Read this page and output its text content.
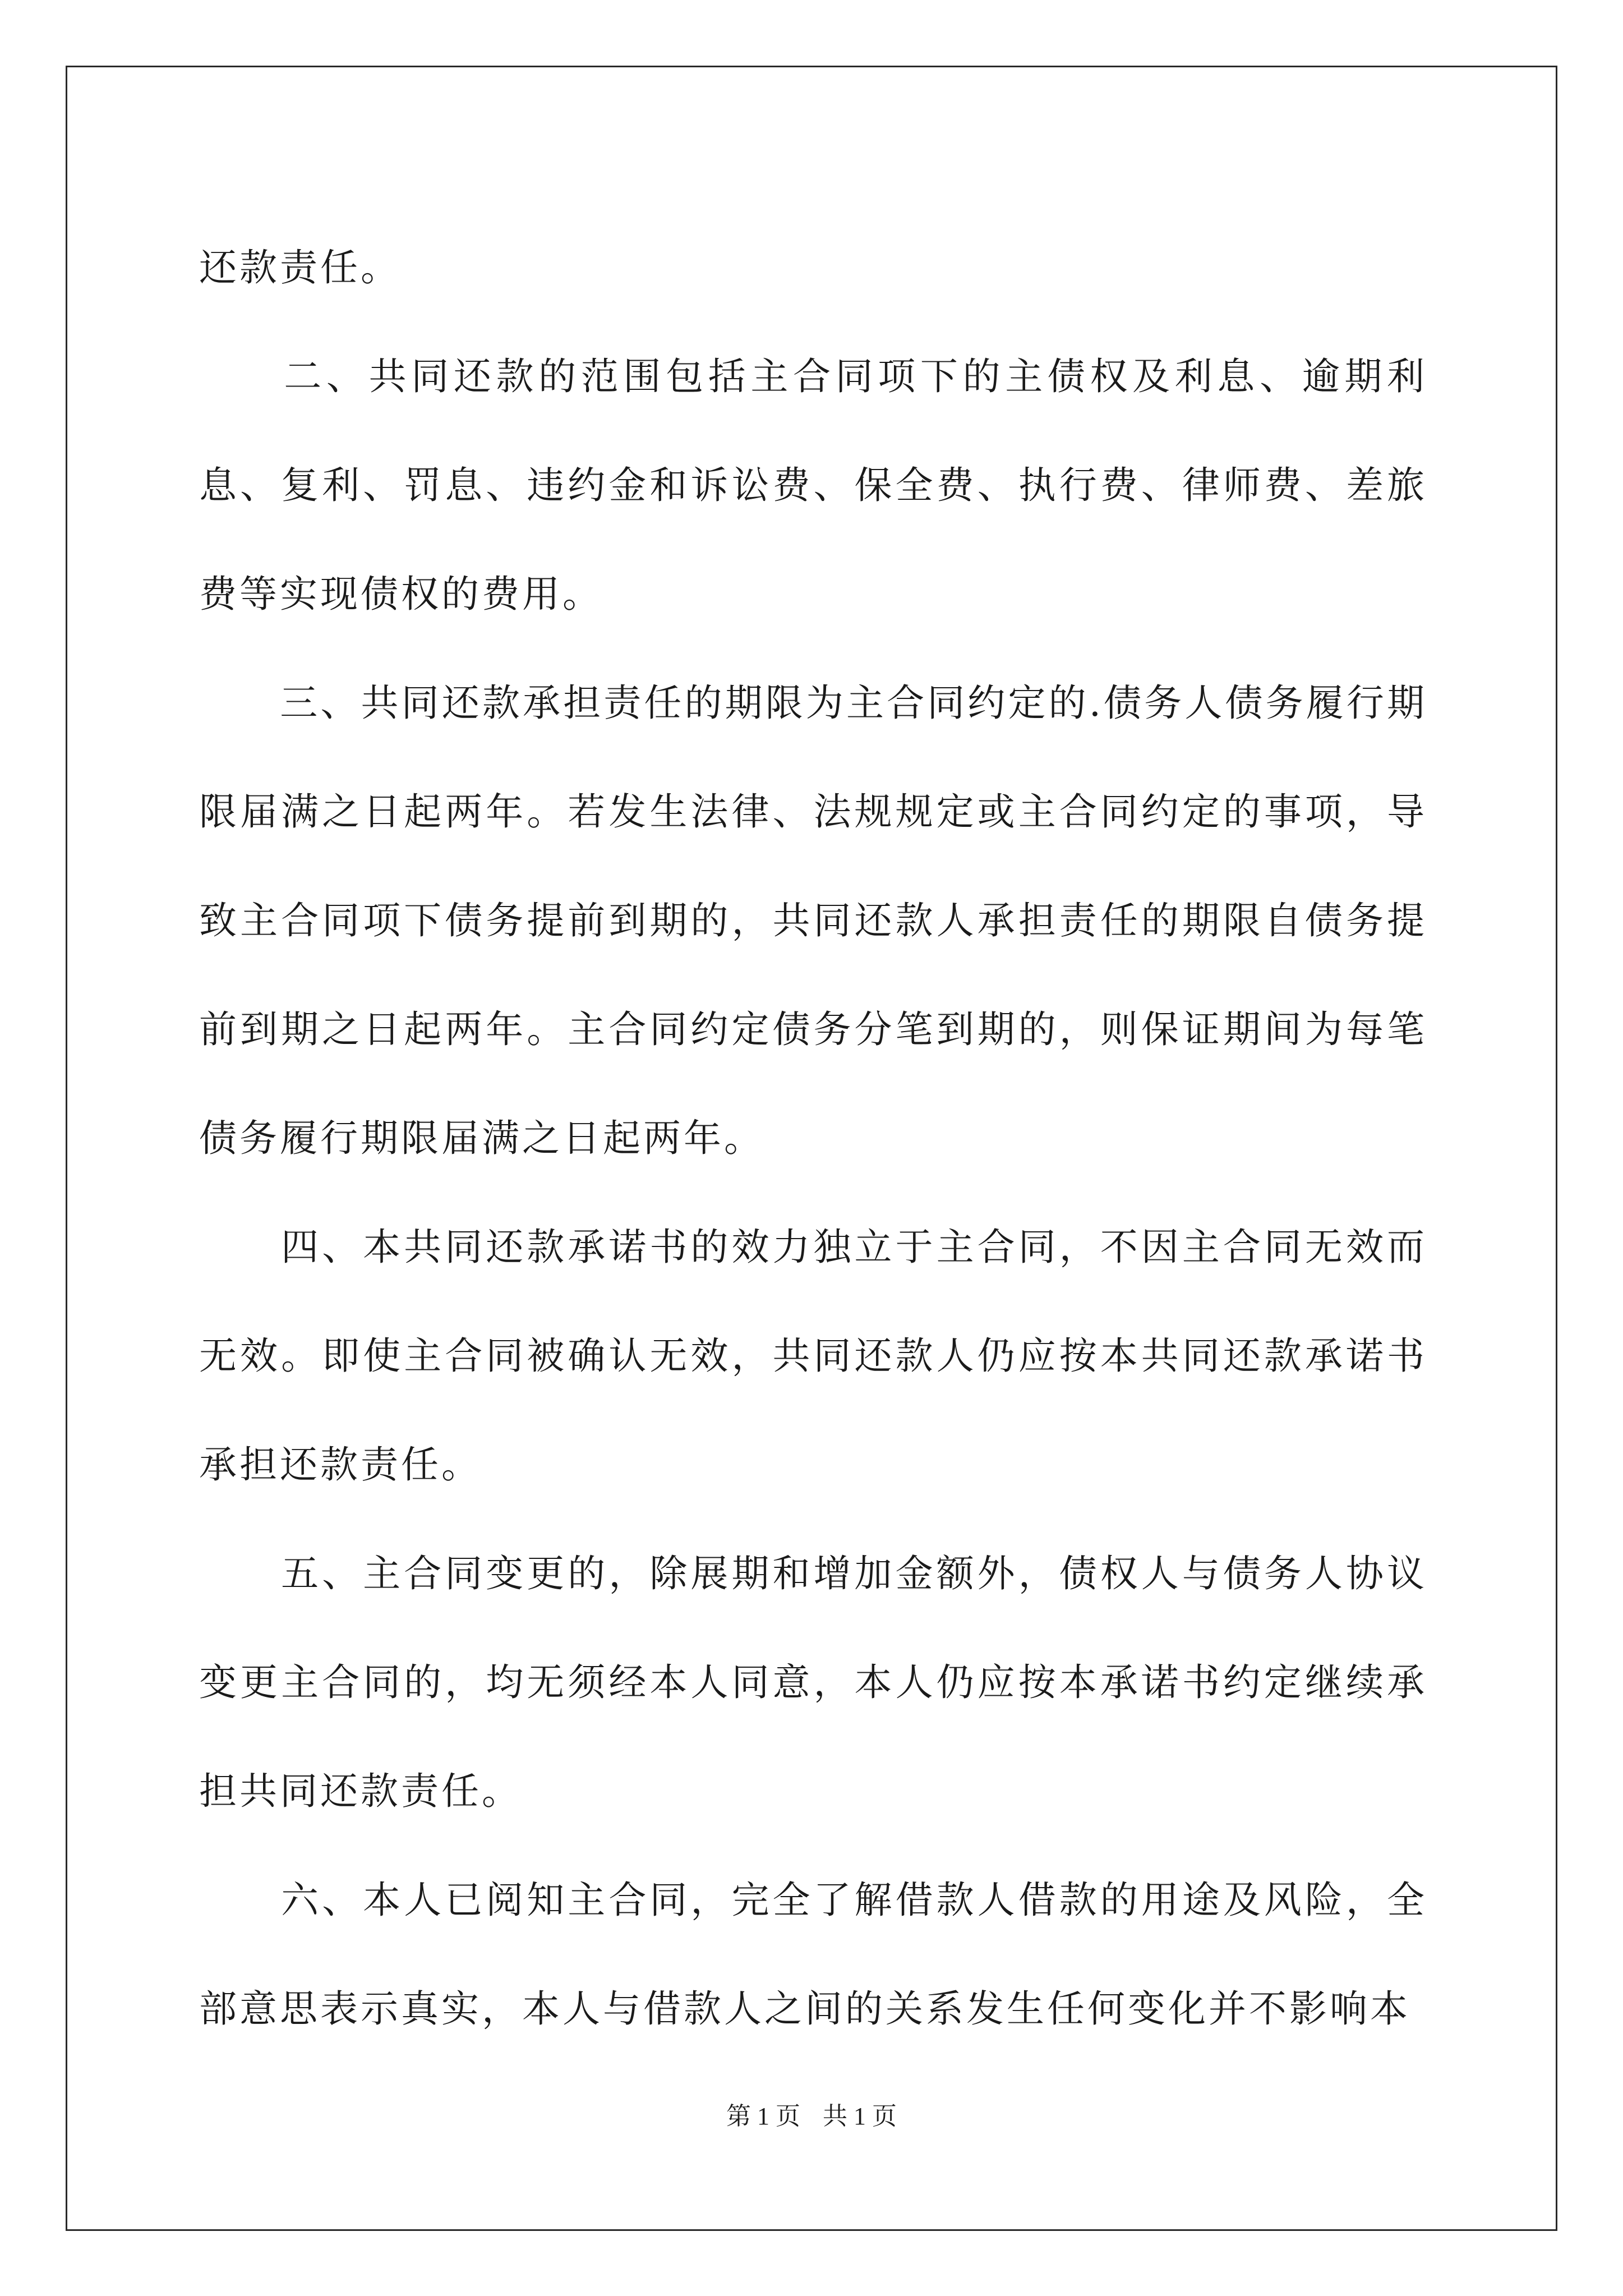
还款责任。

　　二、共同还款的范围包括主合同项下的主债权及利息、逾期利息、复利、罚息、违约金和诉讼费、保全费、执行费、律师费、差旅费等实现债权的费用。

　　三、共同还款承担责任的期限为主合同约定的.债务人债务履行期限届满之日起两年。若发生法律、法规规定或主合同约定的事项，导致主合同项下债务提前到期的，共同还款人承担责任的期限自债务提前到期之日起两年。主合同约定债务分笔到期的，则保证期间为每笔债务履行期限届满之日起两年。

　　四、本共同还款承诺书的效力独立于主合同，不因主合同无效而无效。即使主合同被确认无效，共同还款人仍应按本共同还款承诺书承担还款责任。

　　五、主合同变更的，除展期和增加金额外，债权人与债务人协议变更主合同的，均无须经本人同意，本人仍应按本承诺书约定继续承担共同还款责任。

　　六、本人已阅知主合同，完全了解借款人借款的用途及风险，全部意思表示真实，本人与借款人之间的关系发生任何变化并不影响本

第 1 页 共 1 页
